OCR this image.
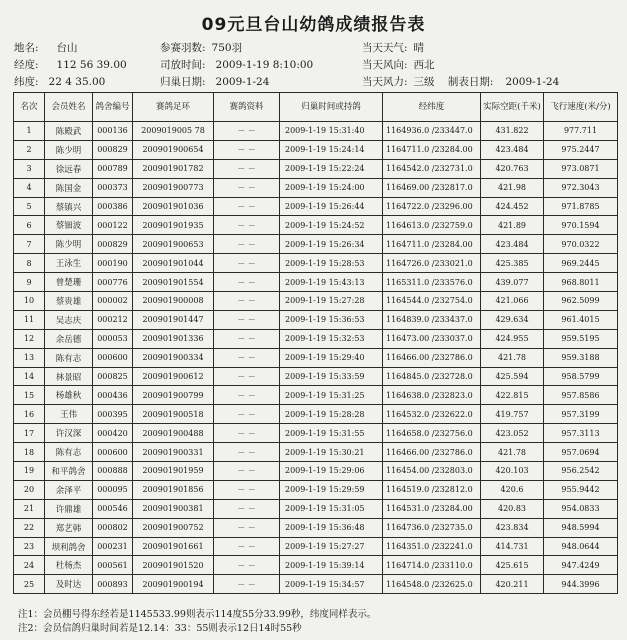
09元旦台山幼鸽成绩报告表
地名: 台山
经度: 112 56 39.00
纬度: 22 4 35.00
参赛羽数: 750羽
司放时间: 2009-1-19 8:10:00
归巢日期: 2009-1-24
当天天气: 晴
当天风向: 西北
当天风力: 三级 制表日期: 2009-1-24
名次	会员姓名	鸽舍编号	赛鸽足环	赛鸽资料	归巢时间或持鸽	经纬度	实际空距(千米)	飞行速度(米/分)
1	陈殿武	000136	2009019005 78	－ －	2009-1-19 15:31:40	1164936.0 /233447.0	431.822	977.711
2	陈少明	000829	200901900654	－ －	2009-1-19 15:24:14	1164711.0 /23284.00	423.484	975.2447
3	徐远春	000789	200901901782	－ －	2009-1-19 15:22:24	1164542.0 /232731.0	420.763	973.0871
4	陈国金	000373	200901900773	－ －	2009-1-19 15:24:00	116469.00 /232817.0	421.98	972.3043
5	蔡镇兴	000386	200901901036	－ －	2009-1-19 15:26:44	1164722.0 /23296.00	424.452	971.8785
6	蔡钿波	000122	200901901935	－ －	2009-1-19 15:24:52	1164613.0 /232759.0	421.89	970.1594
7	陈少明	000829	200901900653	－ －	2009-1-19 15:26:34	1164711.0 /23284.00	423.484	970.0322
8	王泳生	000190	200901901044	－ －	2009-1-19 15:28:53	1164726.0 /233021.0	425.385	969.2445
9	曾楚珊	000776	200901901554	－ －	2009-1-19 15:43:13	1165311.0 /233576.0	439.077	968.8011
10	蔡贵雄	000002	200901900008	－ －	2009-1-19 15:27:28	1164544.0 /232754.0	421.066	962.5099
11	吴志庆	000212	200901901447	－ －	2009-1-19 15:36:53	1164839.0 /233437.0	429.634	961.4015
12	余岳德	000053	200901901336	－ －	2009-1-19 15:32:53	116473.00 /233037.0	424.955	959.5195
13	陈有志	000600	200901900334	－ －	2009-1-19 15:29:40	116466.00 /232786.0	421.78	959.3188
14	林景昭	000825	200901900612	－ －	2009-1-19 15:33:59	1164845.0 /232728.0	425.594	958.5799
15	杨雄秋	000436	200901900799	－ －	2009-1-19 15:31:25	1164638.0 /232823.0	422.815	957.8586
16	王伟	000395	200901900518	－ －	2009-1-19 15:28:28	1164532.0 /232622.0	419.757	957.3199
17	许汉深	000420	200901900488	－ －	2009-1-19 15:31:55	1164658.0 /232756.0	423.052	957.3113
18	陈有志	000600	200901900331	－ －	2009-1-19 15:30:21	116466.00 /232786.0	421.78	957.0694
19	和平鸽舍	000888	200901901959	－ －	2009-1-19 15:29:06	116454.00 /232803.0	420.103	956.2542
20	余泽平	000095	200901901856	－ －	2009-1-19 15:29:59	1164519.0 /232812.0	420.6	955.9442
21	许鼎雄	000546	200901900381	－ －	2009-1-19 15:31:05	1164531.0 /23284.00	420.83	954.0833
22	郑艺韩	000802	200901900752	－ －	2009-1-19 15:36:48	1164736.0 /232735.0	423.834	948.5994
23	坝利鸽舍	000231	200901901661	－ －	2009-1-19 15:27:27	1164351.0 /232241.0	414.731	948.0644
24	杜杨杰	000561	200901901520	－ －	2009-1-19 15:39:14	1164714.0 /233110.0	425.615	947.4249
25	及时达	000893	200901900194	－ －	2009-1-19 15:34:57	1164548.0 /232625.0	420.211	944.3996
注1：会员棚号得东经若是1145533.99则表示114度55分33.99秒，纬度同样表示。
注2：会员信鸽归巢时间若是12.14：33：55则表示12日14时55秒
